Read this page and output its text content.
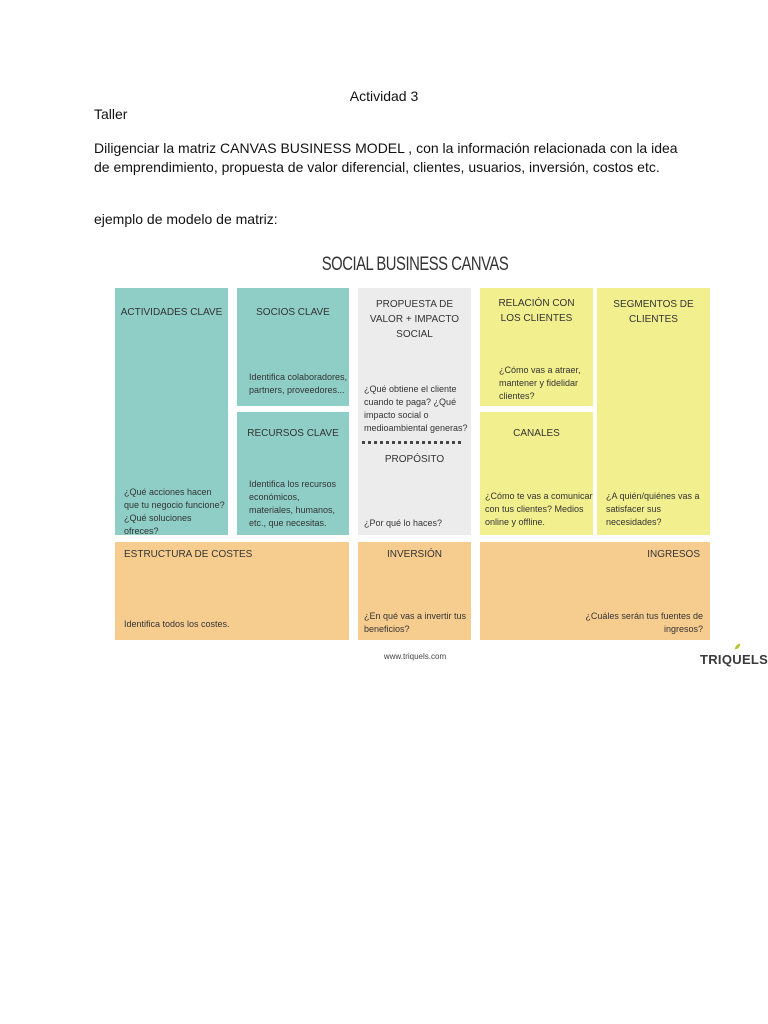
Actividad 3
Taller
Diligenciar la matriz CANVAS BUSINESS MODEL , con la información relacionada con la idea de emprendimiento, propuesta de valor diferencial, clientes, usuarios, inversión, costos etc.
ejemplo de modelo de matriz:
SOCIAL BUSINESS CANVAS
ACTIVIDADES CLAVE
¿Qué acciones hacen que tu negocio funcione? ¿Qué soluciones ofreces?
SOCIOS CLAVE
Identifica colaboradores, partners, proveedores...
RECURSOS CLAVE
Identifica los recursos económicos, materiales, humanos, etc., que necesitas.
PROPUESTA DE VALOR + IMPACTO SOCIAL
¿Qué obtiene el cliente cuando te paga? ¿Qué impacto social o medioambiental generas?
PROPÓSITO
¿Por qué lo haces?
RELACIÓN CON LOS CLIENTES
¿Cómo vas a atraer, mantener y fidelidar clientes?
CANALES
¿Cómo te vas a comunicar con tus clientes? Medios online y offline.
SEGMENTOS DE CLIENTES
¿A quién/quiénes vas a satisfacer sus necesidades?
ESTRUCTURA DE COSTES
Identifica todos los costes.
INVERSIÓN
¿En qué vas a invertir tus beneficios?
INGRESOS
¿Cuáles serán tus fuentes de ingresos?
www.triquels.com	TRIQUELS
